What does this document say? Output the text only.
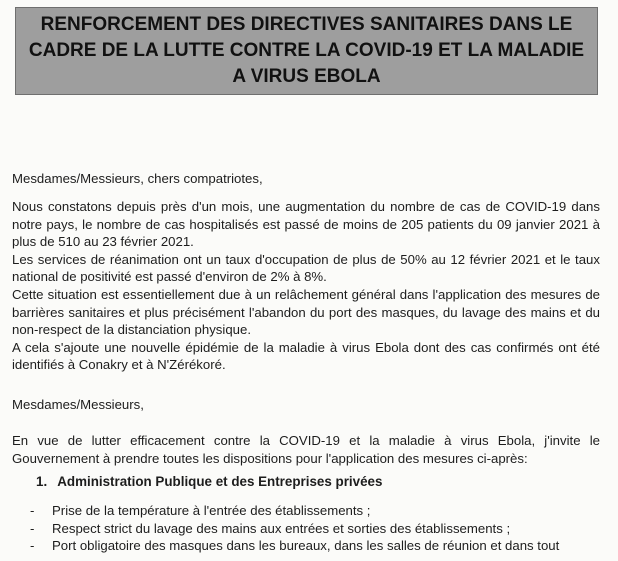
RENFORCEMENT DES DIRECTIVES SANITAIRES DANS LE CADRE DE LA LUTTE CONTRE LA COVID-19 ET LA MALADIE A VIRUS EBOLA
Mesdames/Messieurs, chers compatriotes,

Nous constatons depuis près d'un mois, une augmentation du nombre de cas de COVID-19 dans notre pays, le nombre de cas hospitalisés est passé de moins de 205 patients du 09 janvier 2021 à plus de 510 au 23 février 2021.

Les services de réanimation ont un taux d'occupation de plus de 50% au 12 février 2021 et le taux national de positivité est passé d'environ de 2% à 8%.

Cette situation est essentiellement due à un relâchement général dans l'application des mesures de barrières sanitaires et plus précisément l'abandon du port des masques, du lavage des mains et du non-respect de la distanciation physique.

A cela s'ajoute une nouvelle épidémie de la maladie à virus Ebola dont des cas confirmés ont été identifiés à Conakry et à N'Zérékoré.

Mesdames/Messieurs,
En vue de lutter efficacement contre la COVID-19 et la maladie à virus Ebola, j'invite le Gouvernement à prendre toutes les dispositions pour l'application des mesures ci-après:
1. Administration Publique et des Entreprises privées
- Prise de la température à l'entrée des établissements ;
- Respect strict du lavage des mains aux entrées et sorties des établissements ;
- Port obligatoire des masques dans les bureaux, dans les salles de réunion et dans tout
